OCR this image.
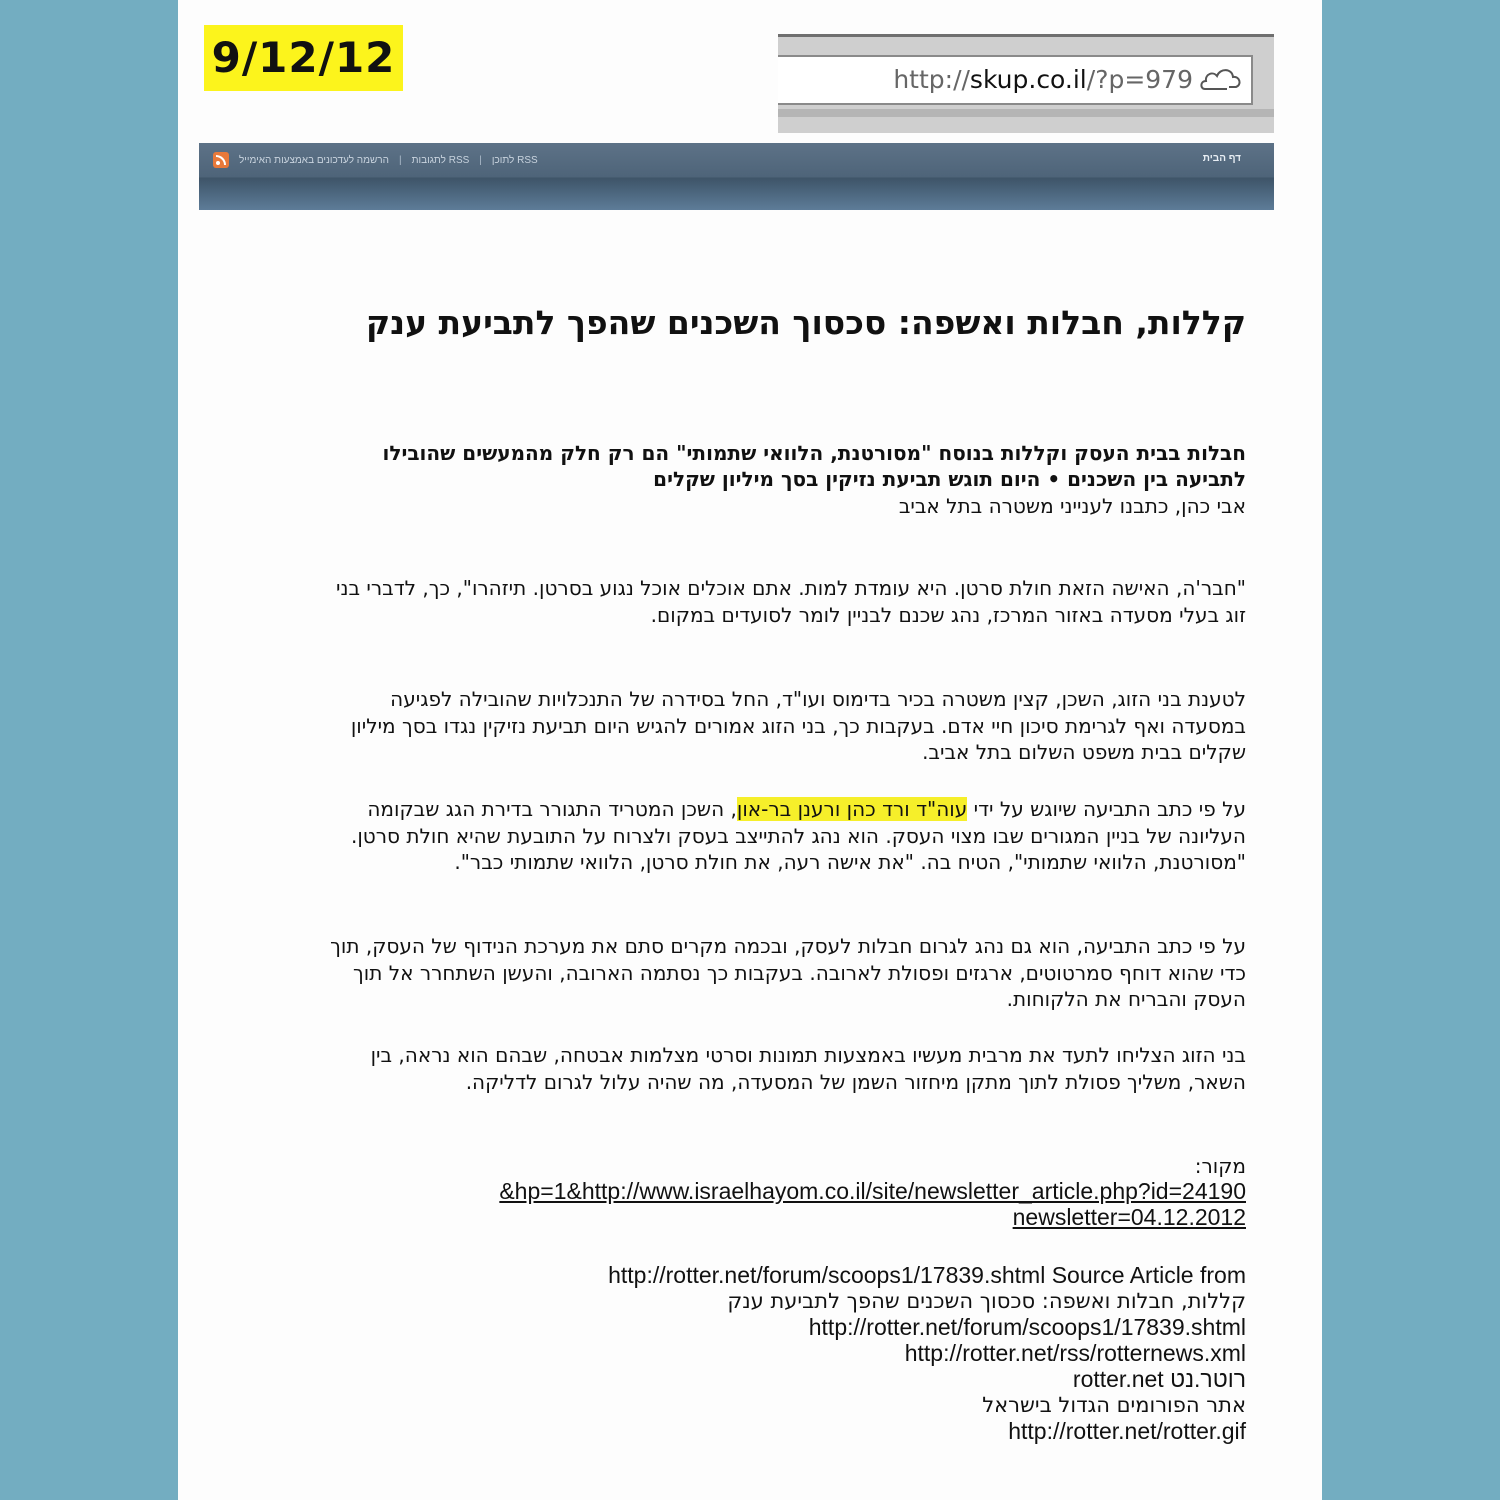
9/12/12	http://skup.co.il/?p=979
דף הבית
הרשמה לעדכונים באמצעות האימייל | RSS לתגובות | RSS לתוכן
קללות, חבלות ואשפה: סכסוך השכנים שהפך לתביעת ענק
חבלות בבית העסק וקללות בנוסח "מסורטנת, הלוואי שתמותי" הם רק חלק מהמעשים שהובילו לתביעה בין השכנים • היום תוגש תביעת נזיקין בסך מיליון שקלים
אבי כהן, כתבנו לענייני משטרה בתל אביב

"חבר'ה, האישה הזאת חולת סרטן. היא עומדת למות. אתם אוכלים אוכל נגוע בסרטן. תיזהרו", כך, לדברי בני זוג בעלי מסעדה באזור המרכז, נהג שכנם לבניין לומר לסועדים במקום.

לטענת בני הזוג, השכן, קצין משטרה בכיר בדימוס ועו"ד, החל בסידרה של התנכלויות שהובילה לפגיעה במסעדה ואף לגרימת סיכון חיי אדם. בעקבות כך, בני הזוג אמורים להגיש היום תביעת נזיקין נגדו בסך מיליון שקלים בבית משפט השלום בתל אביב.

על פי כתב התביעה שיוגש על ידי עוה"ד ורד כהן ורענן בר-און, השכן המטריד התגורר בדירת הגג שבקומה העליונה של בניין המגורים שבו מצוי העסק. הוא נהג להתייצב בעסק ולצרוח על התובעת שהיא חולת סרטן. "מסורטנת, הלוואי שתמותי", הטיח בה. "את אישה רעה, את חולת סרטן, הלוואי שתמותי כבר".

על פי כתב התביעה, הוא גם נהג לגרום חבלות לעסק, ובכמה מקרים סתם את מערכת הנידוף של העסק, תוך כדי שהוא דוחף סמרטוטים, ארגזים ופסולת לארובה. בעקבות כך נסתמה הארובה, והעשן השתחרר אל תוך העסק והבריח את הלקוחות.

בני הזוג הצליחו לתעד את מרבית מעשיו באמצעות תמונות וסרטי מצלמות אבטחה, שבהם הוא נראה, בין השאר, משליך פסולת לתוך מתקן מיחזור השמן של המסעדה, מה שהיה עלול לגרום לדליקה.

מקור:
&hp=1&http://www.israelhayom.co.il/site/newsletter_article.php?id=24190
newsletter=04.12.2012
http://rotter.net/forum/scoops1/17839.shtml Source Article from
קללות, חבלות ואשפה: סכסוך השכנים שהפך לתביעת ענק
http://rotter.net/forum/scoops1/17839.shtml
http://rotter.net/rss/rotternews.xml
rotter.net רוטר.נט
אתר הפורומים הגדול בישראל
http://rotter.net/rotter.gif
